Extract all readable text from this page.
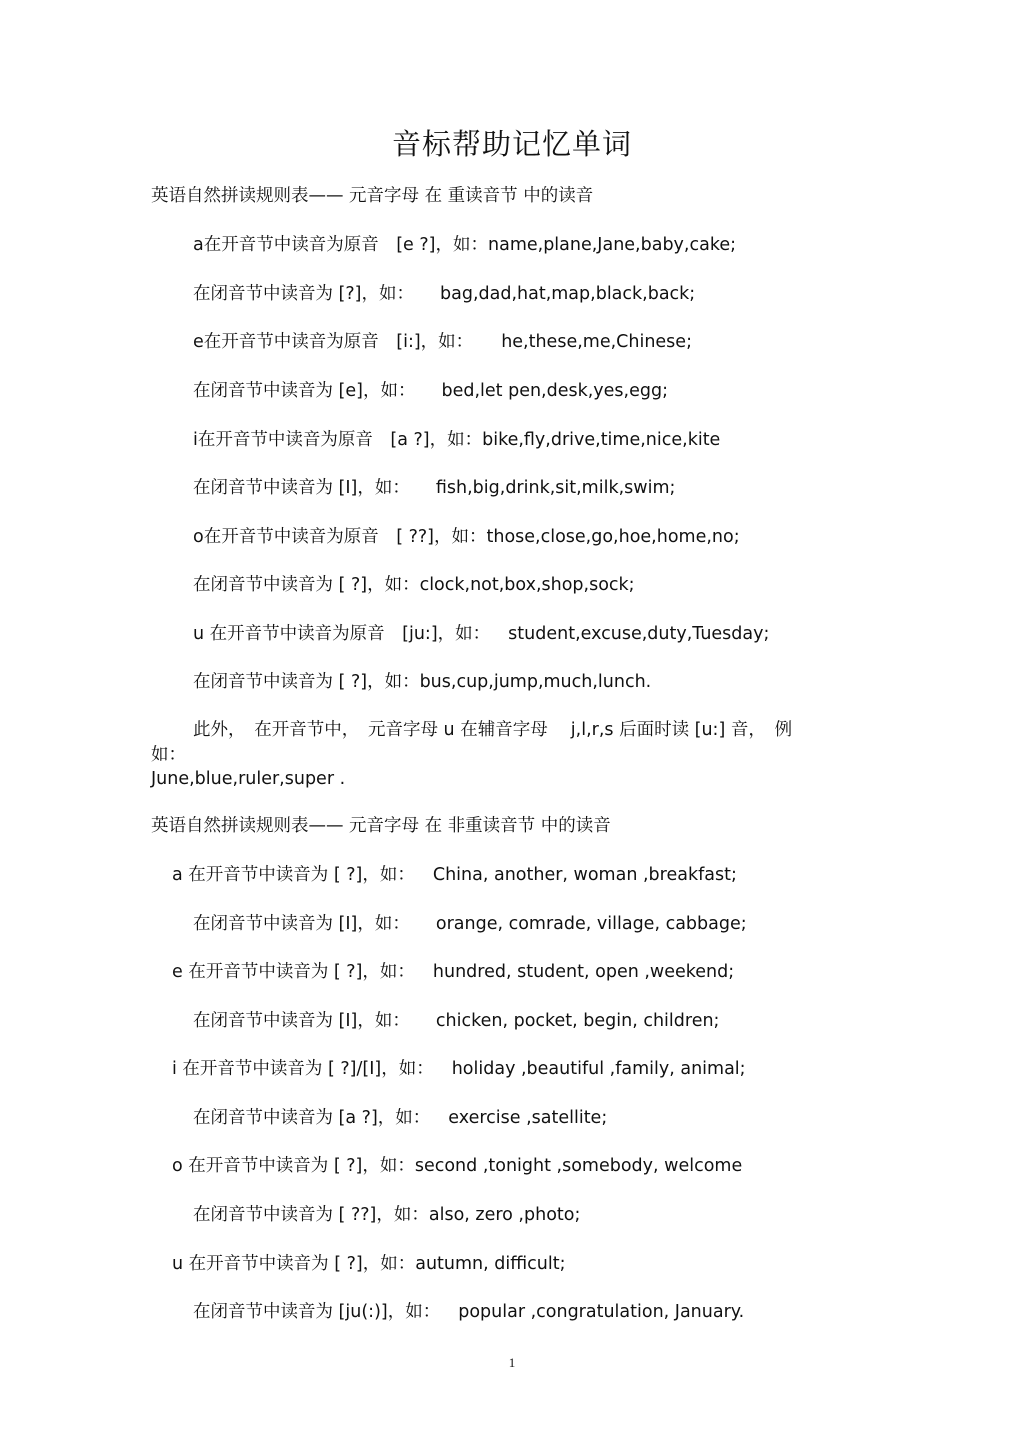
音标帮助记忆单词
英语自然拼读规则表—— 元音字母 在 重读音节 中的读音
a在开音节中读音为原音　[e ?]，如：name,plane,Jane,baby,cake;
在闭音节中读音为 [?]，如： bag,dad,hat,map,black,back;
e在开音节中读音为原音　[i:]，如： he,these,me,Chinese;
在闭音节中读音为 [e]，如： bed,let pen,desk,yes,egg;
i在开音节中读音为原音　[a ?]，如：bike,fly,drive,time,nice,kite
在闭音节中读音为 [I]，如： fish,big,drink,sit,milk,swim;
o在开音节中读音为原音　[ ??]，如：those,close,go,hoe,home,no;
在闭音节中读音为 [ ?]，如：clock,not,box,shop,sock;
u 在开音节中读音为原音　[ju:]，如： student,excuse,duty,Tuesday;
在闭音节中读音为 [ ?]，如：bus,cup,jump,much,lunch.
此外，　在开音节中，　元音字母 u 在辅音字母　 j,l,r,s 后面时读 [u:] 音，　例
如：
June,blue,ruler,super .
英语自然拼读规则表—— 元音字母 在 非重读音节 中的读音
a 在开音节中读音为 [ ?]，如： China, another, woman ,breakfast;
在闭音节中读音为 [I]，如： orange, comrade, village, cabbage;
e 在开音节中读音为 [ ?]，如： hundred, student, open ,weekend;
在闭音节中读音为 [I]，如： chicken, pocket, begin, children;
i 在开音节中读音为 [ ?]/[I]，如： holiday ,beautiful ,family, animal;
在闭音节中读音为 [a ?]，如： exercise ,satellite;
o 在开音节中读音为 [ ?]，如：second ,tonight ,somebody, welcome
在闭音节中读音为 [ ??]，如：also, zero ,photo;
u 在开音节中读音为 [ ?]，如：autumn, difficult;
在闭音节中读音为 [ju(:)]，如： popular ,congratulation, January.
1
